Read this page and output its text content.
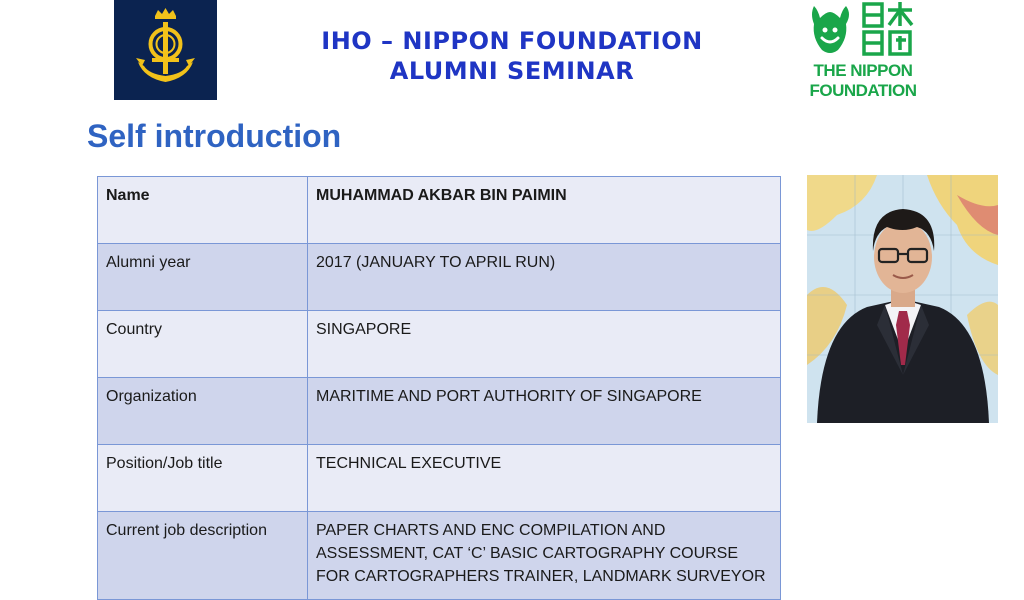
IHO – NIPPON FOUNDATION
ALUMNI SEMINAR	THE NIPPON
FOUNDATION
Self introduction
Name	MUHAMMAD AKBAR BIN PAIMIN
Alumni year	2017 (JANUARY TO APRIL RUN)
Country	SINGAPORE
Organization	MARITIME AND PORT AUTHORITY OF SINGAPORE
Position/Job title	TECHNICAL EXECUTIVE
Current job description	PAPER CHARTS AND ENC COMPILATION AND ASSESSMENT, CAT ‘C’ BASIC CARTOGRAPHY COURSE FOR CARTOGRAPHERS TRAINER, LANDMARK SURVEYOR
